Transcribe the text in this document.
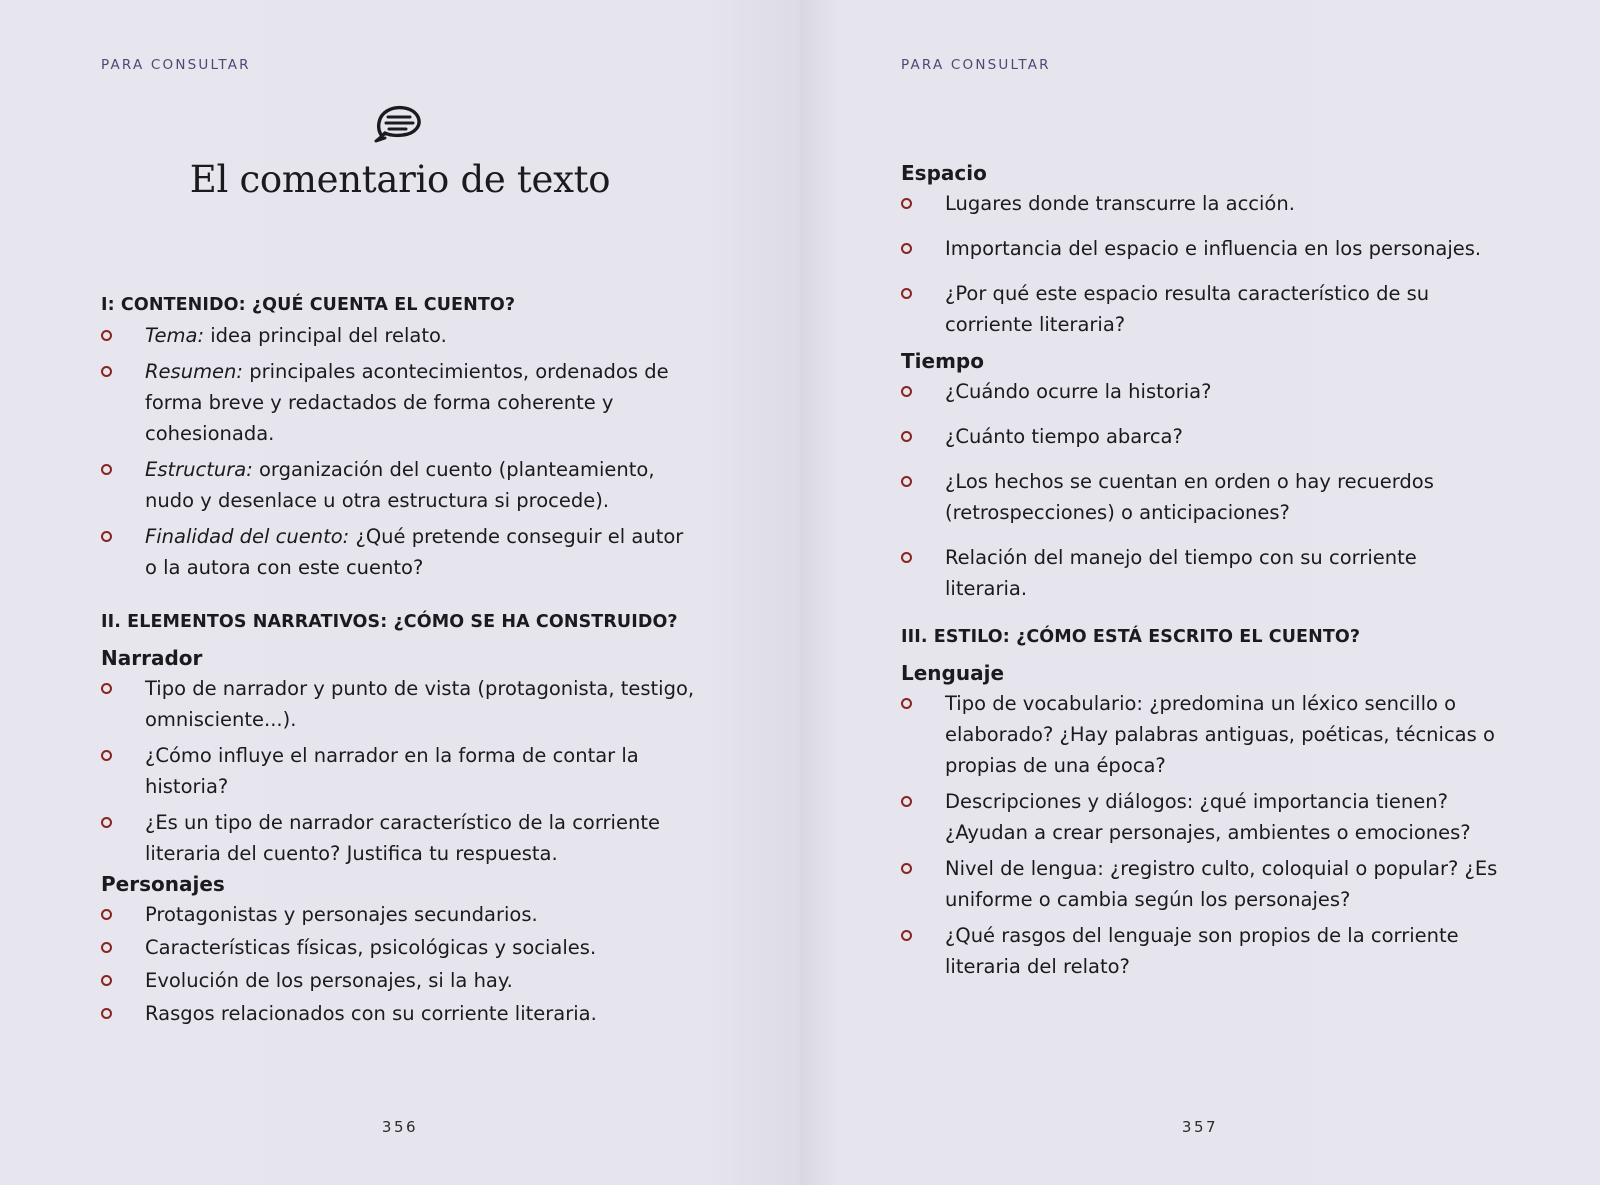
PARA CONSULTAR
El comentario de texto
I: CONTENIDO: ¿QUÉ CUENTA EL CUENTO?
Tema: idea principal del relato.
Resumen: principales acontecimientos, ordenados de forma breve y redactados de forma coherente y cohesionada.
Estructura: organización del cuento (planteamiento, nudo y desenlace u otra estructura si procede).
Finalidad del cuento: ¿Qué pretende conseguir el autor o la autora con este cuento?
II. ELEMENTOS NARRATIVOS: ¿CÓMO SE HA CONSTRUIDO?
Narrador
Tipo de narrador y punto de vista (protagonista, testigo, omnisciente...).
¿Cómo influye el narrador en la forma de contar la historia?
¿Es un tipo de narrador característico de la corriente literaria del cuento? Justifica tu respuesta.
Personajes
Protagonistas y personajes secundarios.
Características físicas, psicológicas y sociales.
Evolución de los personajes, si la hay.
Rasgos relacionados con su corriente literaria.
356
PARA CONSULTAR
Espacio
Lugares donde transcurre la acción.
Importancia del espacio e influencia en los personajes.
¿Por qué este espacio resulta característico de su corriente literaria?
Tiempo
¿Cuándo ocurre la historia?
¿Cuánto tiempo abarca?
¿Los hechos se cuentan en orden o hay recuerdos (retrospecciones) o anticipaciones?
Relación del manejo del tiempo con su corriente literaria.
III. ESTILO: ¿CÓMO ESTÁ ESCRITO EL CUENTO?
Lenguaje
Tipo de vocabulario: ¿predomina un léxico sencillo o elaborado? ¿Hay palabras antiguas, poéticas, técnicas o propias de una época?
Descripciones y diálogos: ¿qué importancia tienen? ¿Ayudan a crear personajes, ambientes o emociones?
Nivel de lengua: ¿registro culto, coloquial o popular? ¿Es uniforme o cambia según los personajes?
¿Qué rasgos del lenguaje son propios de la corriente literaria del relato?
357
